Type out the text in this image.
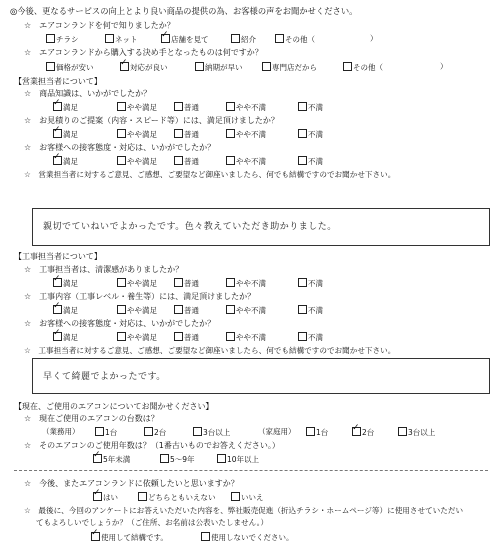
◎今後、更なるサービスの向上とより良い商品の提供の為、お客様の声をお聞かせください。
☆　エアコンランドを何で知りましたか？
チラシ	ネット ✓	店舗を見て	紹介	その他（	）
☆　エアコンランドから購入する決め手となったものは何ですか？
価格が安い ✓	対応が良い	納期が早い	専門店だから	その他（	）
【営業担当者について】
☆　商品知識は、いかがでしたか？
✓満足	やや満足	普通	やや不満	不満
☆　お見積りのご提案（内容・スピード等）には、満足頂けましたか？
✓満足	やや満足	普通	やや不満	不満
☆　お客様への接客態度・対応は、いかがでしたか？
✓満足	やや満足	普通	やや不満	不満
☆　営業担当者に対するご意見、ご感想、ご要望など御座いましたら、何でも結構ですのでお聞かせ下さい。
親切でていねいでよかったです。色々教えていただき助かりました。
【工事担当者について】
☆　工事担当者は、清潔感がありましたか？
✓満足	やや満足	普通	やや不満	不満
☆　工事内容（工事レベル・養生等）には、満足頂けましたか？
✓満足	やや満足	普通	やや不満	不満
☆　お客様への接客態度・対応は、いかがでしたか？
✓満足	やや満足	普通	やや不満	不満
☆　工事担当者に対するご意見、ご感想、ご要望など御座いましたら、何でも結構ですのでお聞かせ下さい。
早くて綺麗でよかったです。
【現在、ご使用のエアコンについてお聞かせください】
☆　現在ご使用のエアコンの台数は？
（業務用）	1台	2台	3台以上	（家庭用）	1台 ✓	2台	3台以上
☆　そのエアコンのご使用年数は？（1番古いものでお答えください。）
✓5年未満	5〜9年	10年以上
☆　今後、またエアコンランドに依頼したいと思いますか？
✓はい	どちらともいえない	いいえ
☆　最後に、今回のアンケートにお答えいただいた内容を、弊社販売促進（折込チラシ・ホームページ等）に使用させていただい
てもよろしいでしょうか？（ご住所、お名前は公表いたしません。）
✓使用して結構です。	使用しないでください。
